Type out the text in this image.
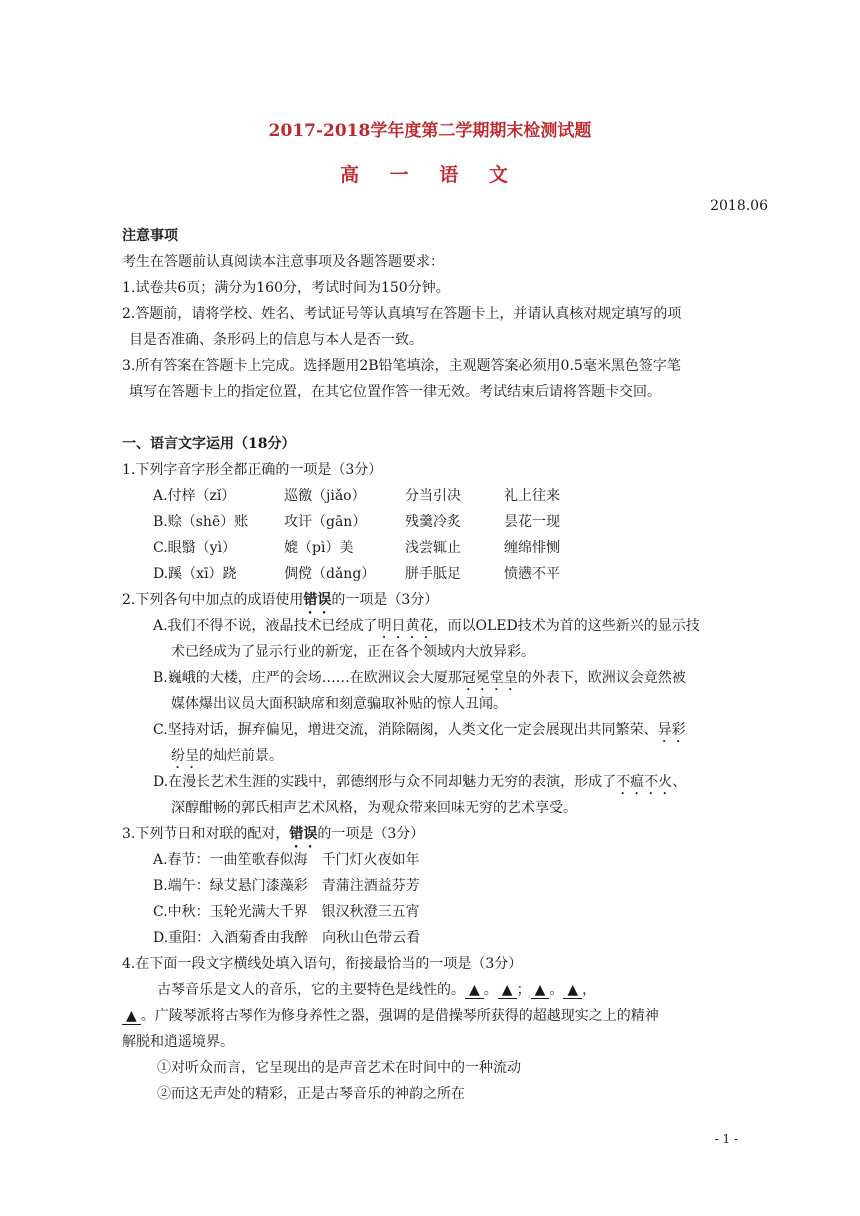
2017-2018学年度第二学期期末检测试题
高 一 语 文
2018.06
注意事项
考生在答题前认真阅读本注意事项及各题答题要求：
1.试卷共6页；满分为160分，考试时间为150分钟。
2.答题前，请将学校、姓名、考试证号等认真填写在答题卡上，并请认真核对规定填写的项
目是否准确、条形码上的信息与本人是否一致。
3.所有答案在答题卡上完成。选择题用2B铅笔填涂，主观题答案必须用0.5毫米黑色签字笔
填写在答题卡上的指定位置，在其它位置作答一律无效。考试结束后请将答题卡交回。
一、语言文字运用（18分）
1.下列字音字形全都正确的一项是（3分）
A.付梓（zǐ）	巡徼（jiǎo）	分当引决	礼上往来
B.赊（shē）账	攻讦（gān）	残羹冷炙	昙花一现
C.眼翳（yì）	媲（pì）美	浅尝辄止	缠绵悱恻
D.蹊（xī）跷	倜傥（dǎng） 胼手胝足	愤懑不平
2.下列各句中加点的成语使用错误的一项是（3分）
A.我们不得不说，液晶技术已经成了明日黄花，而以OLED技术为首的这些新兴的显示技
术已经成为了显示行业的新宠，正在各个领域内大放异彩。
B.巍峨的大楼，庄严的会场……在欧洲议会大厦那冠冕堂皇的外表下，欧洲议会竟然被
媒体爆出议员大面积缺席和刻意骗取补贴的惊人丑闻。
C.坚持对话，摒弃偏见，增进交流，消除隔阂，人类文化一定会展现出共同繁荣、异彩
纷呈的灿烂前景。
D.在漫长艺术生涯的实践中，郭德纲形与众不同却魅力无穷的表演，形成了不瘟不火、
深醇酣畅的郭氏相声艺术风格，为观众带来回味无穷的艺术享受。
3.下列节日和对联的配对，错误的一项是（3分）
A.春节：一曲笙歌春似海　千门灯火夜如年
B.端午：绿艾悬门漆藻彩　青蒲注酒益芬芳
C.中秋：玉轮光满大千界　银汉秋澄三五宵
D.重阳：入酒菊香由我醉　向秋山色带云看
4.在下面一段文字横线处填入语句，衔接最恰当的一项是（3分）
古琴音乐是文人的音乐，它的主要特色是线性的。 ▲ 。 ▲ ； ▲ 。 ▲ ，
▲ 。广陵琴派将古琴作为修身养性之器，强调的是借操琴所获得的超越现实之上的精神
解脱和逍遥境界。
①对听众而言，它呈现出的是声音艺术在时间中的一种流动
②而这无声处的精彩，正是古琴音乐的神韵之所在
- 1 -
